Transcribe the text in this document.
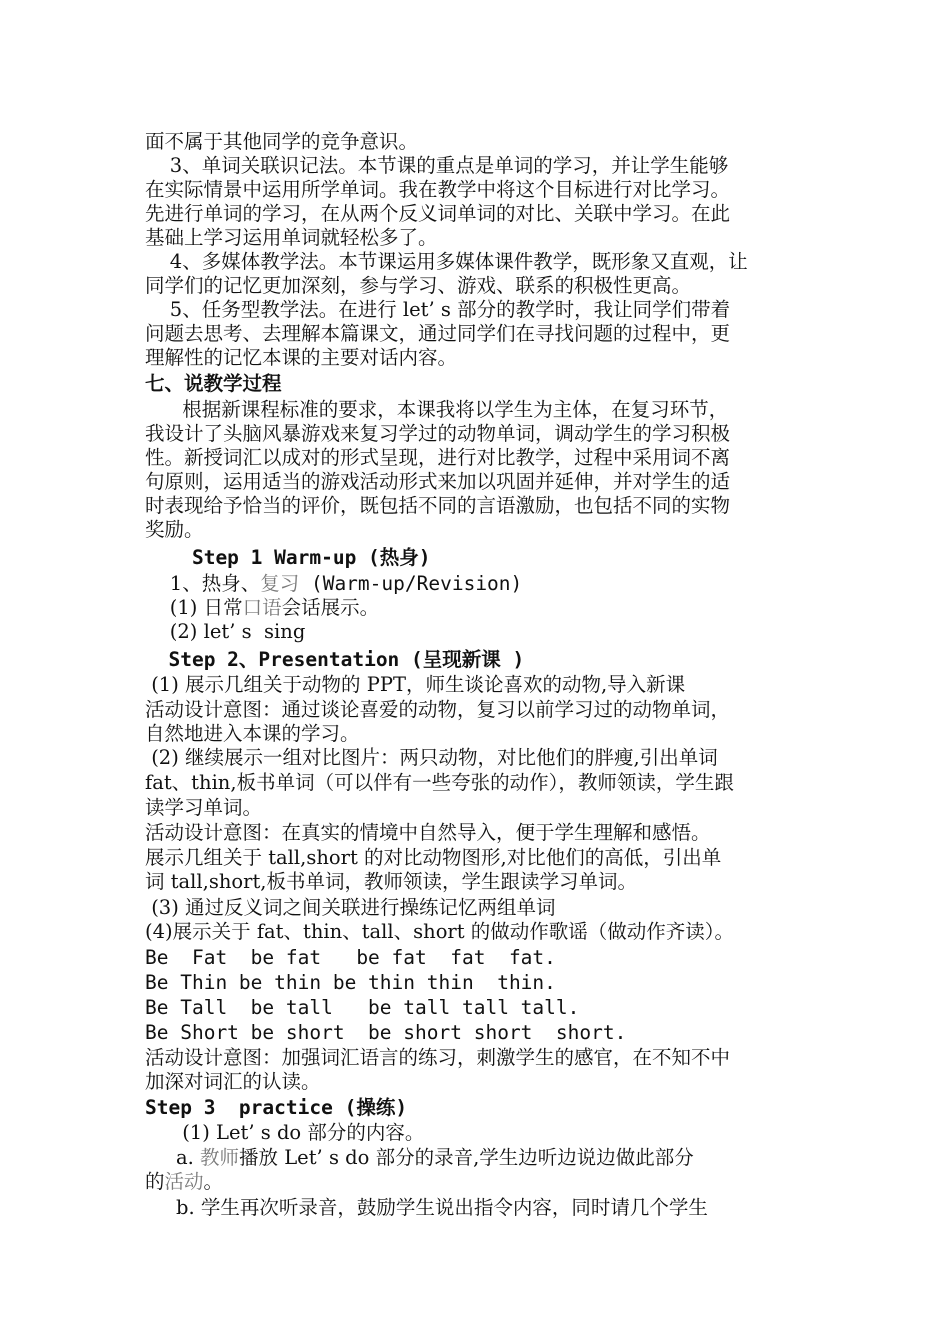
面不属于其他同学的竞争意识。
3、单词关联识记法。本节课的重点是单词的学习，并让学生能够
在实际情景中运用所学单词。我在教学中将这个目标进行对比学习。
先进行单词的学习，在从两个反义词单词的对比、关联中学习。在此
基础上学习运用单词就轻松多了。
4、多媒体教学法。本节课运用多媒体课件教学，既形象又直观，让
同学们的记忆更加深刻，参与学习、游戏、联系的积极性更高。
5、任务型教学法。在进行 let’ s 部分的教学时，我让同学们带着
问题去思考、去理解本篇课文，通过同学们在寻找问题的过程中，更
理解性的记忆本课的主要对话内容。
七、说教学过程
根据新课程标准的要求，本课我将以学生为主体，在复习环节，
我设计了头脑风暴游戏来复习学过的动物单词，调动学生的学习积极
性。新授词汇以成对的形式呈现，进行对比教学，过程中采用词不离
句原则，运用适当的游戏活动形式来加以巩固并延伸，并对学生的适
时表现给予恰当的评价，既包括不同的言语激励，也包括不同的实物
奖励。
Step 1 Warm-up (热身)
1、热身、复习 (Warm-up/Revision)
(1) 日常口语会话展示。
(2) let’ s  sing
Step 2、Presentation (呈现新课 )
(1) 展示几组关于动物的 PPT，师生谈论喜欢的动物,导入新课
活动设计意图：通过谈论喜爱的动物，复习以前学习过的动物单词，
自然地进入本课的学习。
(2) 继续展示一组对比图片：两只动物，对比他们的胖瘦,引出单词
fat、thin,板书单词（可以伴有一些夸张的动作），教师领读，学生跟
读学习单词。
活动设计意图：在真实的情境中自然导入，便于学生理解和感悟。
展示几组关于 tall,short 的对比动物图形,对比他们的高低，引出单
词 tall,short,板书单词，教师领读，学生跟读学习单词。
(3) 通过反义词之间关联进行操练记忆两组单词
(4)展示关于 fat、thin、tall、short 的做动作歌谣（做动作齐读）。
Be  Fat  be fat   be fat  fat  fat.
Be Thin be thin be thin thin  thin.
Be Tall  be tall   be tall tall tall.
Be Short be short  be short short  short.
活动设计意图：加强词汇语言的练习，刺激学生的感官，在不知不中
加深对词汇的认读。
Step 3  practice (操练)
(1) Let’ s do 部分的内容。
a. 教师播放 Let’ s do 部分的录音,学生边听边说边做此部分
的活动。
b. 学生再次听录音，鼓励学生说出指令内容，同时请几个学生
